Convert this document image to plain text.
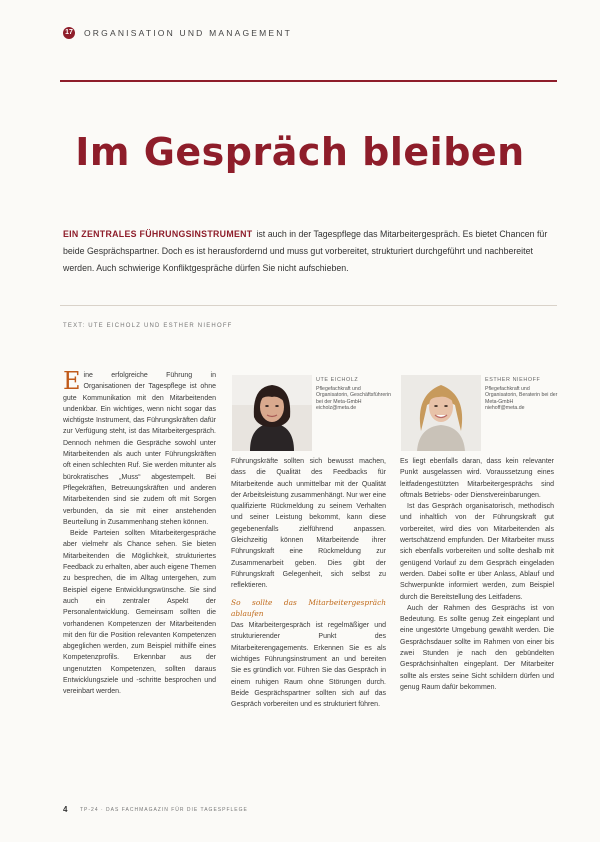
17 ORGANISATION UND MANAGEMENT
Im Gespräch bleiben
EIN ZENTRALES FÜHRUNGSINSTRUMENT ist auch in der Tagespflege das Mitarbeitergespräch. Es bietet Chancen für beide Gesprächspartner. Doch es ist herausfordernd und muss gut vorbereitet, strukturiert durchgeführt und nachbereitet werden. Auch schwierige Konfliktgespräche dürfen Sie nicht aufschieben.
TEXT: UTE EICHOLZ UND ESTHER NIEHOFF

Eine erfolgreiche Führung in Organisationen der Tagespflege ist ohne gute Kommunikation mit den Mitarbeitenden undenkbar. Ein wichtiges, wenn nicht sogar das wichtigste Instrument, das Führungskräften dafür zur Verfügung steht, ist das Mitarbeitergespräch. Dennoch nehmen die Gespräche sowohl unter Mitarbeitenden als auch unter Führungskräften oft einen schlechten Ruf. Sie werden mitunter als bürokratisches „Muss“ abgestempelt. Bei Pflegekräften, Betreuungskräften und anderen Mitarbeitenden sind sie zudem oft mit Sorgen verbunden, da sie mit einer anstehenden Beurteilung in Zusammenhang stehen können.

Beide Parteien sollten Mitarbeitergespräche aber vielmehr als Chance sehen. Sie bieten Mitarbeitenden die Möglichkeit, strukturiertes Feedback zu erhalten, aber auch eigene Themen zu besprechen, die im Alltag untergehen, zum Beispiel eigene Entwicklungswünsche. Sie sind auch ein zentraler Aspekt der Personalentwicklung. Gemeinsam sollten die vorhandenen Kompetenzen der Mitarbeitenden mit den für die Position relevanten Kompetenzen abgeglichen werden, zum Beispiel mithilfe eines Kompetenzprofils. Erkennbar aus der ungenutzten Kompetenzen, sollten daraus Entwicklungsziele und -schritte besprochen und vereinbart werden.

UTE EICHOLZ
Pflegefachkraft und Organisatorin, Geschäftsführerin bei der Meta-GmbH
eicholz@meta.de
ESTHER NIEHOFF
Pflegefachkraft und Organisatorin, Beraterin bei der Meta-GmbH
niehoff@meta.de

Führungskräfte sollten sich bewusst machen, dass die Qualität des Feedbacks für Mitarbeitende auch unmittelbar mit der Qualität der Arbeitsleistung zusammenhängt. Nur wer eine qualifizierte Rückmeldung zu seinem Verhalten und seiner Leistung bekommt, kann diese gegebenenfalls zielführend anpassen. Gleichzeitig können Mitarbeitende ihrer Führungskraft eine Rückmeldung zur Zusammenarbeit geben. Dies gibt der Führungskraft Gelegenheit, sich selbst zu reflektieren.

So sollte das Mitarbeitergespräch ablaufen

Das Mitarbeitergespräch ist regelmäßiger und strukturierender Punkt des Mitarbeiterengagements. Erkennen Sie es als wichtiges Führungsinstrument an und bereiten Sie es gründlich vor. Führen Sie das Gespräch in einem ruhigen Raum ohne Störungen durch. Beide Gesprächspartner sollten sich auf das Gespräch vorbereiten und es strukturiert führen.

Es liegt ebenfalls daran, dass kein relevanter Punkt ausgelassen wird. Voraussetzung eines leitfadengestützten Mitarbeitergesprächs sind oftmals Betriebs- oder Dienstvereinbarungen.

Ist das Gespräch organisatorisch, methodisch und inhaltlich von der Führungskraft gut vorbereitet, wird dies von Mitarbeitenden als wertschätzend empfunden. Der Mitarbeiter muss sich ebenfalls vorbereiten und sollte deshalb mit genügend Vorlauf zu dem Gespräch eingeladen werden. Dabei sollte er über Anlass, Ablauf und Schwerpunkte informiert werden, zum Beispiel durch die Bereitstellung des Leitfadens.

Auch der Rahmen des Gesprächs ist von Bedeutung. Es sollte genug Zeit eingeplant und eine ungestörte Umgebung gewählt werden. Die Gesprächsdauer sollte im Rahmen von einer bis zwei Stunden je nach den gebündelten Gesprächsinhalten eingeplant. Der Mitarbeiter sollte als erstes seine Sicht schildern dürfen und genug Raum dafür bekommen.

4	TP-24 · DAS FACHMAGAZIN FÜR DIE TAGESPFLEGE
